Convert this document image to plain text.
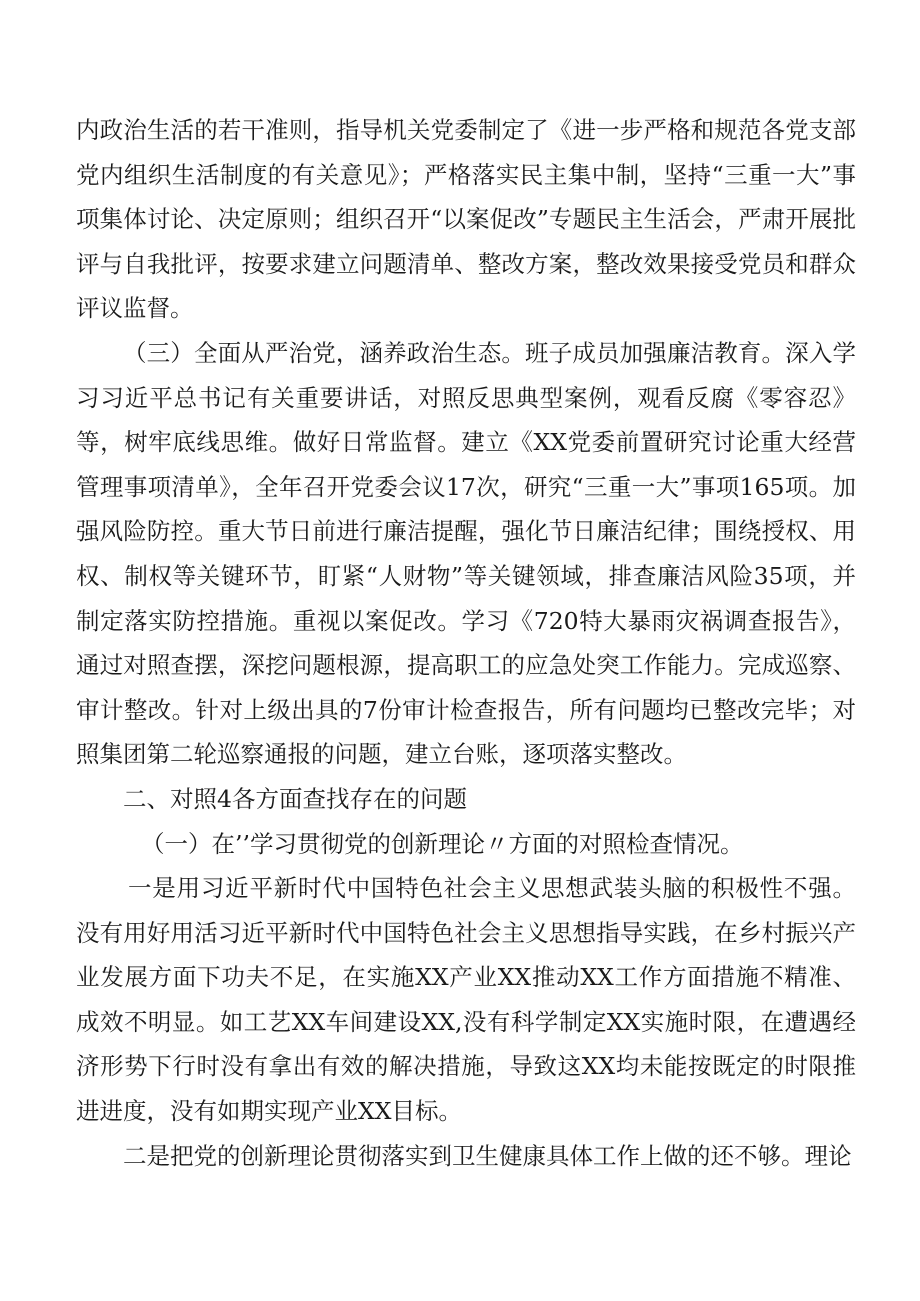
内政治生活的若干准则，指导机关党委制定了《进一步严格和规范各党支部党内组织生活制度的有关意见》；严格落实民主集中制，坚持“三重一大”事项集体讨论、决定原则；组织召开“以案促改”专题民主生活会，严肃开展批评与自我批评，按要求建立问题清单、整改方案，整改效果接受党员和群众评议监督。

（三）全面从严治党，涵养政治生态。班子成员加强廉洁教育。深入学习习近平总书记有关重要讲话，对照反思典型案例，观看反腐《零容忍》等，树牢底线思维。做好日常监督。建立《XX党委前置研究讨论重大经营管理事项清单》，全年召开党委会议17次，研究“三重一大”事项165项。加强风险防控。重大节日前进行廉洁提醒，强化节日廉洁纪律；围绕授权、用权、制权等关键环节，盯紧“人财物”等关键领域，排查廉洁风险35项，并制定落实防控措施。重视以案促改。学习《720特大暴雨灾祸调查报告》，通过对照查摆，深挖问题根源，提高职工的应急处突工作能力。完成巡察、审计整改。针对上级出具的7份审计检查报告，所有问题均已整改完毕；对照集团第二轮巡察通报的问题，建立台账，逐项落实整改。

二、对照4各方面查找存在的问题

（一）在’’学习贯彻党的创新理论〃方面的对照检查情况。

一是用习近平新时代中国特色社会主义思想武装头脑的积极性不强。没有用好用活习近平新时代中国特色社会主义思想指导实践，在乡村振兴产业发展方面下功夫不足，在实施XX产业XX推动XX工作方面措施不精准、成效不明显。如工艺XX车间建设XX,没有科学制定XX实施时限，在遭遇经济形势下行时没有拿出有效的解决措施，导致这XX均未能按既定的时限推进进度，没有如期实现产业XX目标。

二是把党的创新理论贯彻落实到卫生健康具体工作上做的还不够。理论
